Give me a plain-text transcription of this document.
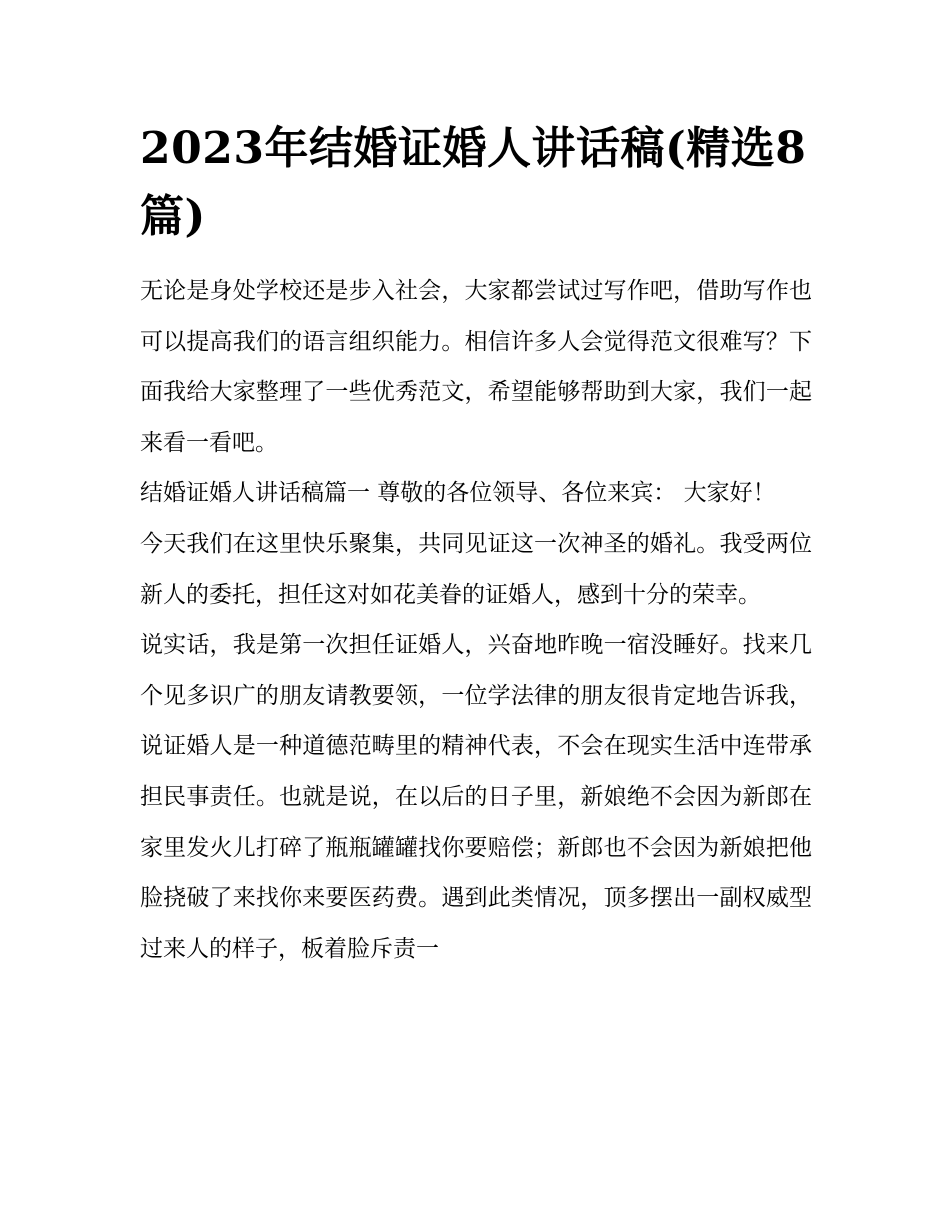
2023年结婚证婚人讲话稿(精选8篇)

无论是身处学校还是步入社会，大家都尝试过写作吧，借助写作也可以提高我们的语言组织能力。相信许多人会觉得范文很难写？下面我给大家整理了一些优秀范文，希望能够帮助到大家，我们一起来看一看吧。

结婚证婚人讲话稿篇一 尊敬的各位领导、各位来宾： 大家好！

今天我们在这里快乐聚集，共同见证这一次神圣的婚礼。我受两位新人的委托，担任这对如花美眷的证婚人，感到十分的荣幸。

说实话，我是第一次担任证婚人，兴奋地昨晚一宿没睡好。找来几个见多识广的朋友请教要领，一位学法律的朋友很肯定地告诉我，说证婚人是一种道德范畴里的精神代表，不会在现实生活中连带承担民事责任。也就是说，在以后的日子里，新娘绝不会因为新郎在家里发火儿打碎了瓶瓶罐罐找你要赔偿；新郎也不会因为新娘把他脸挠破了来找你来要医药费。遇到此类情况，顶多摆出一副权威型过来人的样子，板着脸斥责一
